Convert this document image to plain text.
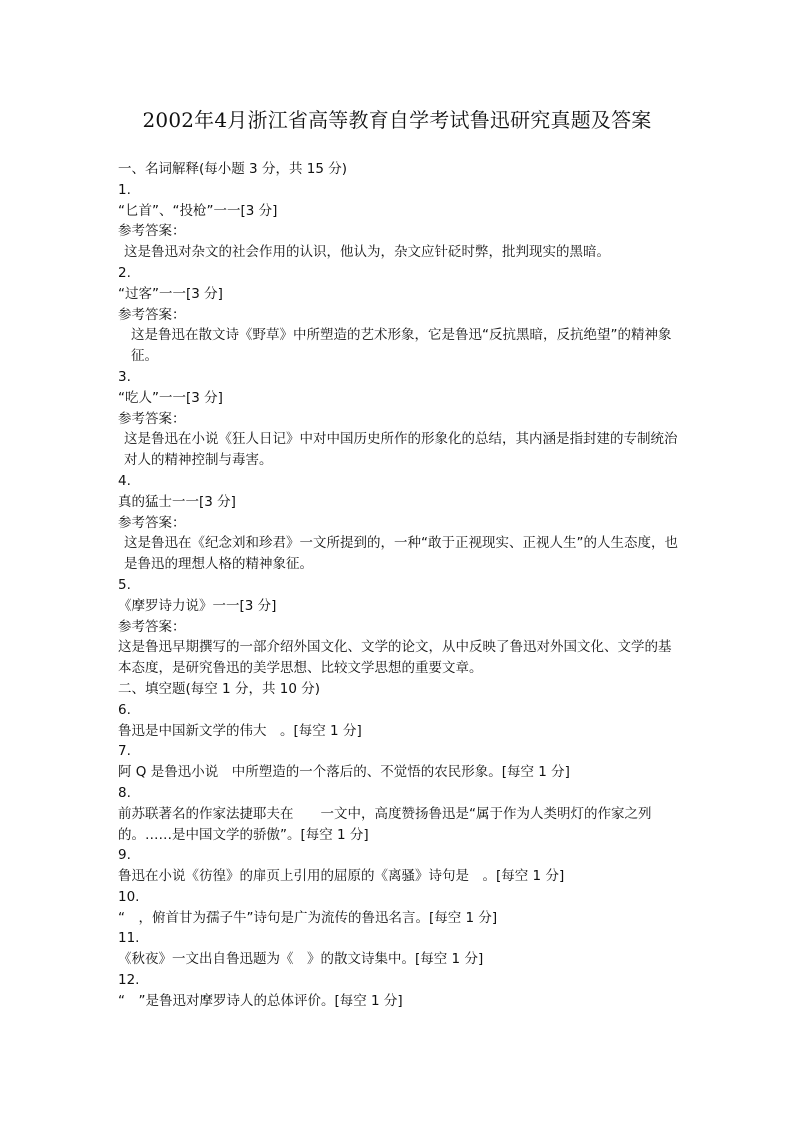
2002年4月浙江省高等教育自学考试鲁迅研究真题及答案
一、名词解释(每小题 3 分，共 15 分)
1.
“匕首”、“投枪”一一[3 分]
参考答案：
这是鲁迅对杂文的社会作用的认识，他认为，杂文应针砭时弊，批判现实的黑暗。
2.
“过客”一一[3 分]
参考答案：
这是鲁迅在散文诗《野草》中所塑造的艺术形象，它是鲁迅“反抗黑暗，反抗绝望”的精神象征。
3.
“吃人”一一[3 分]
参考答案：
这是鲁迅在小说《狂人日记》中对中国历史所作的形象化的总结，其内涵是指封建的专制统治对人的精神控制与毒害。
4.
真的猛士一一[3 分]
参考答案：
这是鲁迅在《纪念刘和珍君》一文所提到的，一种“敢于正视现实、正视人生”的人生态度，也是鲁迅的理想人格的精神象征。
5.
《摩罗诗力说》一一[3 分]
参考答案：
这是鲁迅早期撰写的一部介绍外国文化、文学的论文，从中反映了鲁迅对外国文化、文学的基本态度，是研究鲁迅的美学思想、比较文学思想的重要文章。
二、填空题(每空 1 分，共 10 分)
6.
鲁迅是中国新文学的伟大　。[每空 1 分]
7.
阿 Q 是鲁迅小说　中所塑造的一个落后的、不觉悟的农民形象。[每空 1 分]
8.
前苏联著名的作家法捷耶夫在　　一文中，高度赞扬鲁迅是“属于作为人类明灯的作家之列的。……是中国文学的骄傲”。[每空 1 分]
9.
鲁迅在小说《彷徨》的扉页上引用的屈原的《离骚》诗句是　。[每空 1 分]
10.
“　，俯首甘为孺子牛”诗句是广为流传的鲁迅名言。[每空 1 分]
11.
《秋夜》一文出自鲁迅题为《　》的散文诗集中。[每空 1 分]
12.
“　”是鲁迅对摩罗诗人的总体评价。[每空 1 分]
